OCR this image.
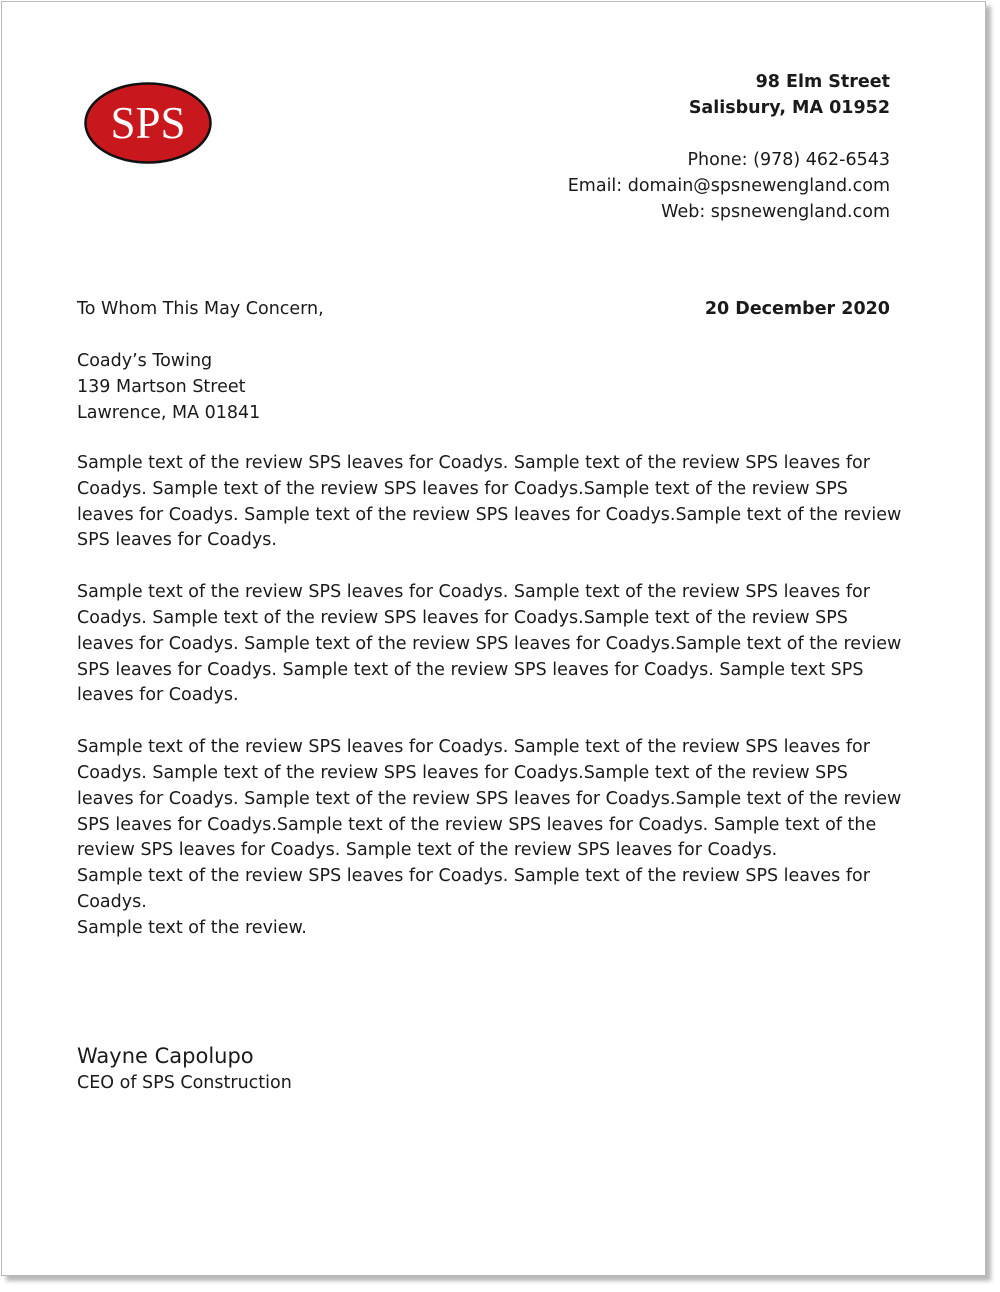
SPS
98 Elm Street
Salisbury, MA 01952
Phone: (978) 462-6543
Email: domain@spsnewengland.com
Web: spsnewengland.com
To Whom This May Concern,	20 December 2020
Coady’s Towing
139 Martson Street
Lawrence, MA 01841

Sample text of the review SPS leaves for Coadys. Sample text of the review SPS leaves for
Coadys. Sample text of the review SPS leaves for Coadys.Sample text of the review SPS
leaves for Coadys. Sample text of the review SPS leaves for Coadys.Sample text of the review
SPS leaves for Coadys.

Sample text of the review SPS leaves for Coadys. Sample text of the review SPS leaves for
Coadys. Sample text of the review SPS leaves for Coadys.Sample text of the review SPS
leaves for Coadys. Sample text of the review SPS leaves for Coadys.Sample text of the review
SPS leaves for Coadys. Sample text of the review SPS leaves for Coadys. Sample text SPS
leaves for Coadys.

Sample text of the review SPS leaves for Coadys. Sample text of the review SPS leaves for
Coadys. Sample text of the review SPS leaves for Coadys.Sample text of the review SPS
leaves for Coadys. Sample text of the review SPS leaves for Coadys.Sample text of the review
SPS leaves for Coadys.Sample text of the review SPS leaves for Coadys. Sample text of the
review SPS leaves for Coadys. Sample text of the review SPS leaves for Coadys.
Sample text of the review SPS leaves for Coadys. Sample text of the review SPS leaves for Coadys.
Sample text of the review.

Wayne Capolupo
CEO of SPS Construction
